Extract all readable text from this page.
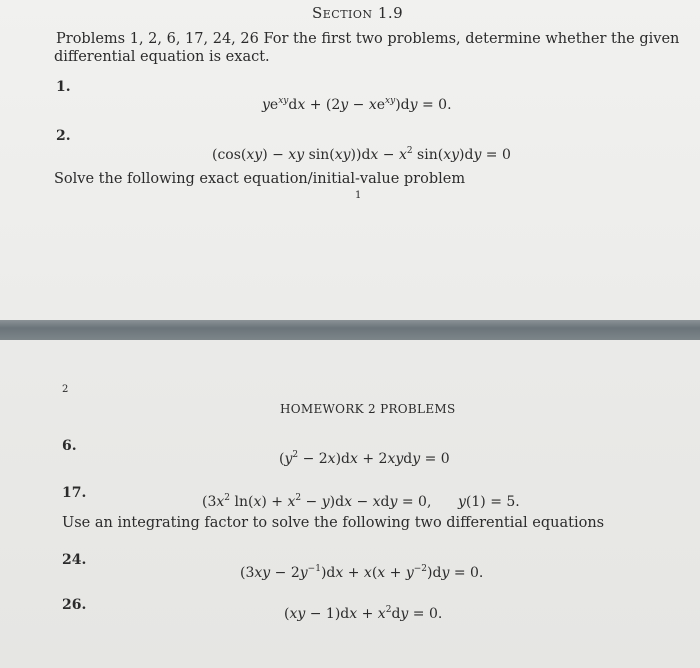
Section 1.9
Problems 1, 2, 6, 17, 24, 26 For the first two problems, determine whether the given
differential equation is exact.
1.
$ye^{xy}dx + (2y - xe^{xy})dy = 0$.
2.
(cos(xy) − xy $\sin(xy))dx - x^2$ sin(xy)dy = 0
Solve the following exact equation/initial-value problem
1
2
HOMEWORK 2 PROBLEMS
6.
$(y^2 - 2x)dx$ + 2xydy = 0
17.
($3x^2$ $\ln(x) + x^2 - y)dx$ − xdy = 0, y(1) = 5.
Use an integrating factor to solve the following two differential equations
24.
$(3xy - 2y^{-1})dx + x(x + y^{-2})dy = 0$.
26.
$(xy - 1)dx + x^2dy = 0$.
